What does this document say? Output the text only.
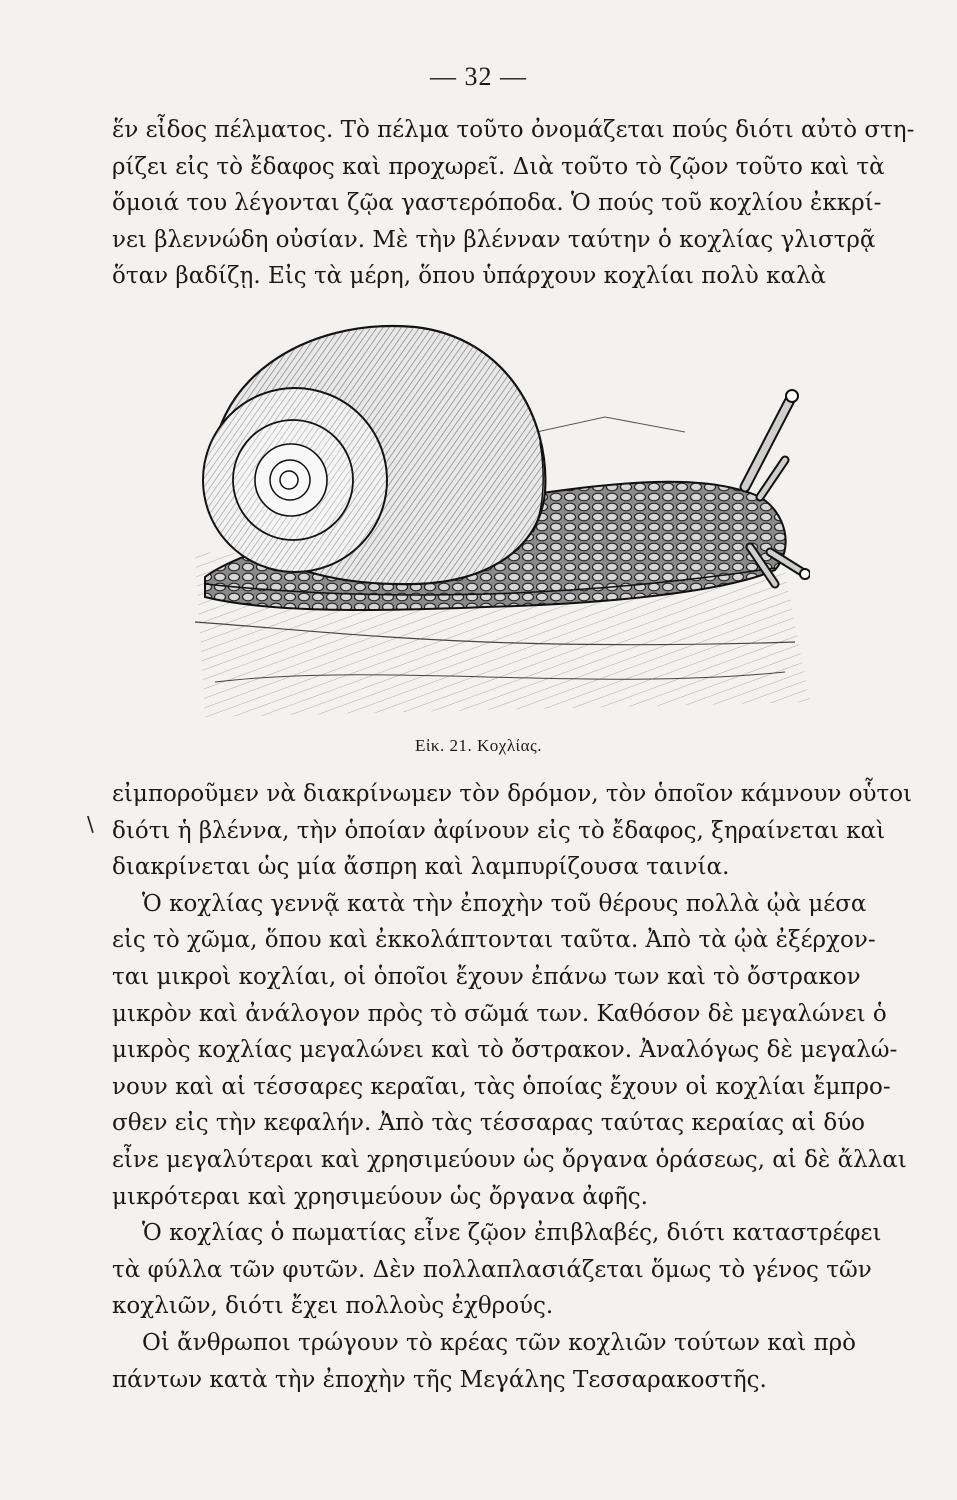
— 32 —
ἕν εἶδος πέλματος. Τὸ πέλμα τοῦτο ὀνομάζεται πούς διότι αὐτὸ στη-
ρίζει εἰς τὸ ἔδαφος καὶ προχωρεῖ. Διὰ τοῦτο τὸ ζῷον τοῦτο καὶ τὰ
ὅμοιά του λέγονται ζῷα γαστερόποδα. Ὁ πούς τοῦ κοχλίου ἐκκρί-
νει βλεννώδη οὐσίαν. Μὲ τὴν βλένναν ταύτην ὁ κοχλίας γλιστρᾷ
ὅταν βαδίζῃ. Εἰς τὰ μέρη, ὅπου ὑπάρχουν κοχλίαι πολὺ καλὰ
Εἰκ. 21. Κοχλίας.
\

εἰμποροῦμεν νὰ διακρίνωμεν τὸν δρόμον, τὸν ὁποῖον κάμνουν οὗτοι
διότι ἡ βλέννα, τὴν ὁποίαν ἀφίνουν εἰς τὸ ἔδαφος, ξηραίνεται καὶ
διακρίνεται ὡς μία ἄσπρη καὶ λαμπυρίζουσα ταινία.

Ὁ κοχλίας γεννᾷ κατὰ τὴν ἐποχὴν τοῦ θέρους πολλὰ ᾠὰ μέσα
εἰς τὸ χῶμα, ὅπου καὶ ἐκκολάπτονται ταῦτα. Ἀπὸ τὰ ᾠὰ ἐξέρχον-
ται μικροὶ κοχλίαι, οἱ ὁποῖοι ἔχουν ἐπάνω των καὶ τὸ ὄστρακον
μικρὸν καὶ ἀνάλογον πρὸς τὸ σῶμά των. Καθόσον δὲ μεγαλώνει ὁ
μικρὸς κοχλίας μεγαλώνει καὶ τὸ ὄστρακον. Ἀναλόγως δὲ μεγαλώ-
νουν καὶ αἱ τέσσαρες κεραῖαι, τὰς ὁποίας ἔχουν οἱ κοχλίαι ἔμπρο-
σθεν εἰς τὴν κεφαλήν. Ἀπὸ τὰς τέσσαρας ταύτας κεραίας αἱ δύο
εἶνε μεγαλύτεραι καὶ χρησιμεύουν ὡς ὄργανα ὁράσεως, αἱ δὲ ἄλλαι
μικρότεραι καὶ χρησιμεύουν ὡς ὄργανα ἀφῆς.

Ὁ κοχλίας ὁ πωματίας εἶνε ζῷον ἐπιβλαβές, διότι καταστρέφει
τὰ φύλλα τῶν φυτῶν. Δὲν πολλαπλασιάζεται ὅμως τὸ γένος τῶν
κοχλιῶν, διότι ἔχει πολλοὺς ἐχθρούς.

Οἱ ἄνθρωποι τρώγουν τὸ κρέας τῶν κοχλιῶν τούτων καὶ πρὸ
πάντων κατὰ τὴν ἐποχὴν τῆς Μεγάλης Τεσσαρακοστῆς.
